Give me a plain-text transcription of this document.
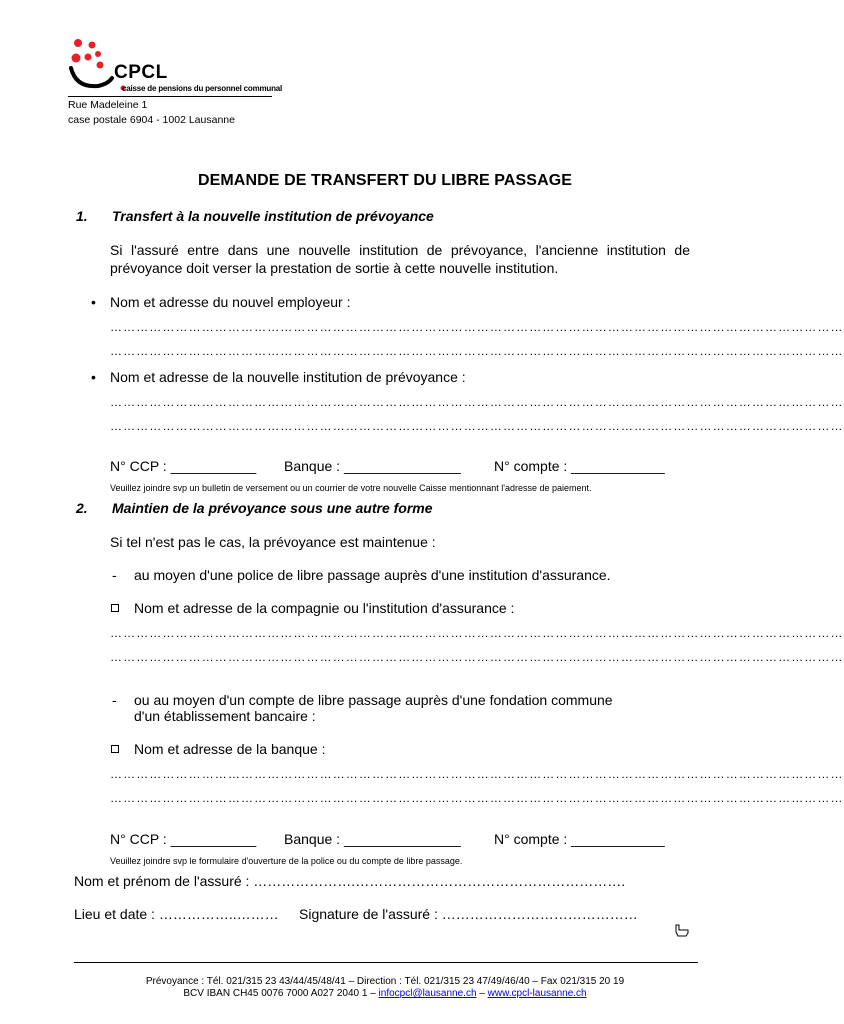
CPCL
caisse de pensions du personnel communal
Rue Madeleine 1
case postale 6904 - 1002 Lausanne
DEMANDE DE TRANSFERT DU LIBRE PASSAGE
1. Transfert à la nouvelle institution de prévoyance
Si l'assuré entre dans une nouvelle institution de prévoyance, l'ancienne institution de prévoyance doit verser la prestation de sortie à cette nouvelle institution.
• Nom et adresse du nouvel employeur :
……………………………………………………………………………………………………………………………………………………
……………………………………………………………………………………………………………………………………………………
• Nom et adresse de la nouvelle institution de prévoyance :
……………………………………………………………………………………………………………………………………………………
……………………………………………………………………………………………………………………………………………………
N° CCP : ___________ Banque : _______________ N° compte : ____________
Veuillez joindre svp un bulletin de versement ou un courrier de votre nouvelle Caisse mentionnant l'adresse de paiement.
2. Maintien de la prévoyance sous une autre forme
Si tel n'est pas le cas, la prévoyance est maintenue :
- au moyen d'une police de libre passage auprès d'une institution d'assurance.
Nom et adresse de la compagnie ou l'institution d'assurance :
……………………………………………………………………………………………………………………………………………………
……………………………………………………………………………………………………………………………………………………
- ou au moyen d'un compte de libre passage auprès d'une fondation commune
d'un établissement bancaire :
Nom et adresse de la banque :
……………………………………………………………………………………………………………………………………………………
……………………………………………………………………………………………………………………………………………………
N° CCP : ___________ Banque : _______________ N° compte : ____________
Veuillez joindre svp le formulaire d'ouverture de la police ou du compte de libre passage.
Nom et prénom de l'assuré : ………………….………………………………………………….
Lieu et date : ……………..……… Signature de l'assuré : ……………………………………
Prévoyance : Tél. 021/315 23 43/44/45/48/41 – Direction : Tél. 021/315 23 47/49/46/40 – Fax 021/315 20 19
BCV IBAN CH45 0076 7000 A027 2040 1 – infocpcl@lausanne.ch – www.cpcl-lausanne.ch
